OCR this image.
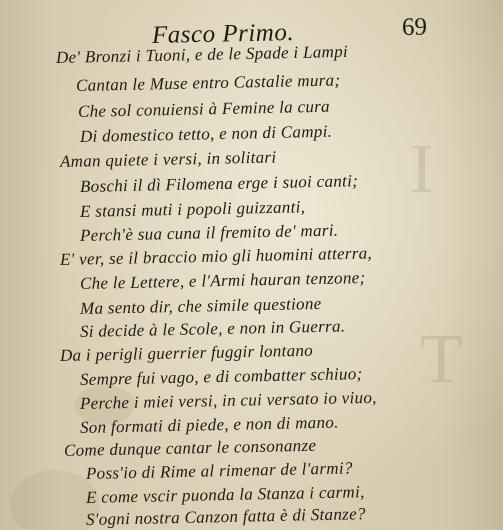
I
T
Fasco Primo.	69
De' Bronzi i Tuoni, e de le Spade i Lampi
Cantan le Muse entro Castalie mura;
Che sol conuiensi à Femine la cura
Di domestico tetto, e non di Campi.
Aman quiete i versi, in solitari
Boschi il dì Filomena erge i suoi canti;
E stansi muti i popoli guizzanti,
Perch'è sua cuna il fremito de' mari.
E' ver, se il braccio mio gli huomini atterra,
Che le Lettere, e l'Armi hauran tenzone;
Ma sento dir, che simile questione
Si decide à le Scole, e non in Guerra.
Da i perigli guerrier fuggir lontano
Sempre fui vago, e di combatter schiuo;
Perche i miei versi, in cui versato io viuo,
Son formati di piede, e non di mano.
Come dunque cantar le consonanze
Poss'io di Rime al rimenar de l'armi?
E come vscir puonda la Stanza i carmi,
S'ogni nostra Canzon fatta è di Stanze?
